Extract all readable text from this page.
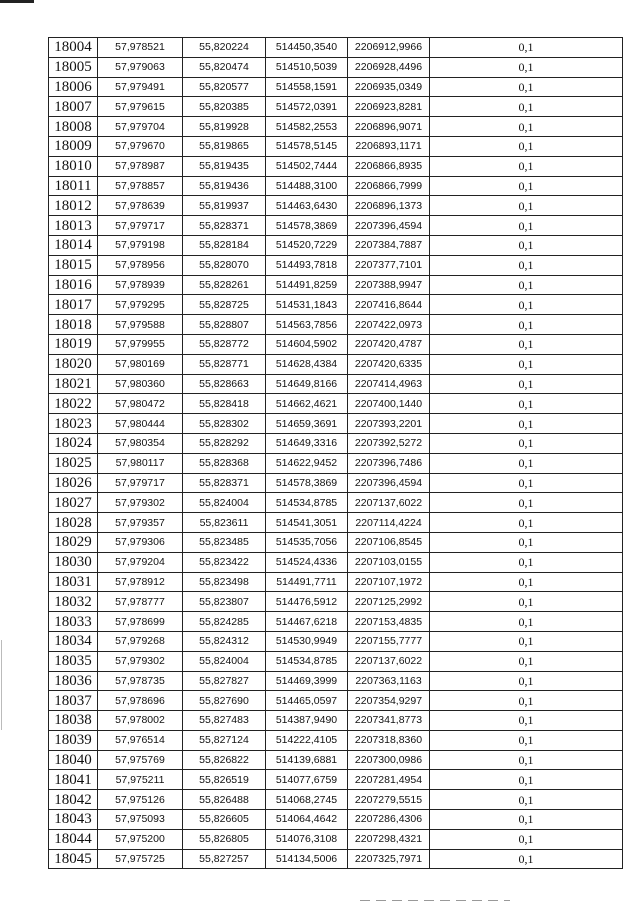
18004	57,978521	55,820224	514450,3540	2206912,9966	0,1
18005	57,979063	55,820474	514510,5039	2206928,4496	0,1
18006	57,979491	55,820577	514558,1591	2206935,0349	0,1
18007	57,979615	55,820385	514572,0391	2206923,8281	0,1
18008	57,979704	55,819928	514582,2553	2206896,9071	0,1
18009	57,979670	55,819865	514578,5145	2206893,1171	0,1
18010	57,978987	55,819435	514502,7444	2206866,8935	0,1
18011	57,978857	55,819436	514488,3100	2206866,7999	0,1
18012	57,978639	55,819937	514463,6430	2206896,1373	0,1
18013	57,979717	55,828371	514578,3869	2207396,4594	0,1
18014	57,979198	55,828184	514520,7229	2207384,7887	0,1
18015	57,978956	55,828070	514493,7818	2207377,7101	0,1
18016	57,978939	55,828261	514491,8259	2207388,9947	0,1
18017	57,979295	55,828725	514531,1843	2207416,8644	0,1
18018	57,979588	55,828807	514563,7856	2207422,0973	0,1
18019	57,979955	55,828772	514604,5902	2207420,4787	0,1
18020	57,980169	55,828771	514628,4384	2207420,6335	0,1
18021	57,980360	55,828663	514649,8166	2207414,4963	0,1
18022	57,980472	55,828418	514662,4621	2207400,1440	0,1
18023	57,980444	55,828302	514659,3691	2207393,2201	0,1
18024	57,980354	55,828292	514649,3316	2207392,5272	0,1
18025	57,980117	55,828368	514622,9452	2207396,7486	0,1
18026	57,979717	55,828371	514578,3869	2207396,4594	0,1
18027	57,979302	55,824004	514534,8785	2207137,6022	0,1
18028	57,979357	55,823611	514541,3051	2207114,4224	0,1
18029	57,979306	55,823485	514535,7056	2207106,8545	0,1
18030	57,979204	55,823422	514524,4336	2207103,0155	0,1
18031	57,978912	55,823498	514491,7711	2207107,1972	0,1
18032	57,978777	55,823807	514476,5912	2207125,2992	0,1
18033	57,978699	55,824285	514467,6218	2207153,4835	0,1
18034	57,979268	55,824312	514530,9949	2207155,7777	0,1
18035	57,979302	55,824004	514534,8785	2207137,6022	0,1
18036	57,978735	55,827827	514469,3999	2207363,1163	0,1
18037	57,978696	55,827690	514465,0597	2207354,9297	0,1
18038	57,978002	55,827483	514387,9490	2207341,8773	0,1
18039	57,976514	55,827124	514222,4105	2207318,8360	0,1
18040	57,975769	55,826822	514139,6881	2207300,0986	0,1
18041	57,975211	55,826519	514077,6759	2207281,4954	0,1
18042	57,975126	55,826488	514068,2745	2207279,5515	0,1
18043	57,975093	55,826605	514064,4642	2207286,4306	0,1
18044	57,975200	55,826805	514076,3108	2207298,4321	0,1
18045	57,975725	55,827257	514134,5006	2207325,7971	0,1
